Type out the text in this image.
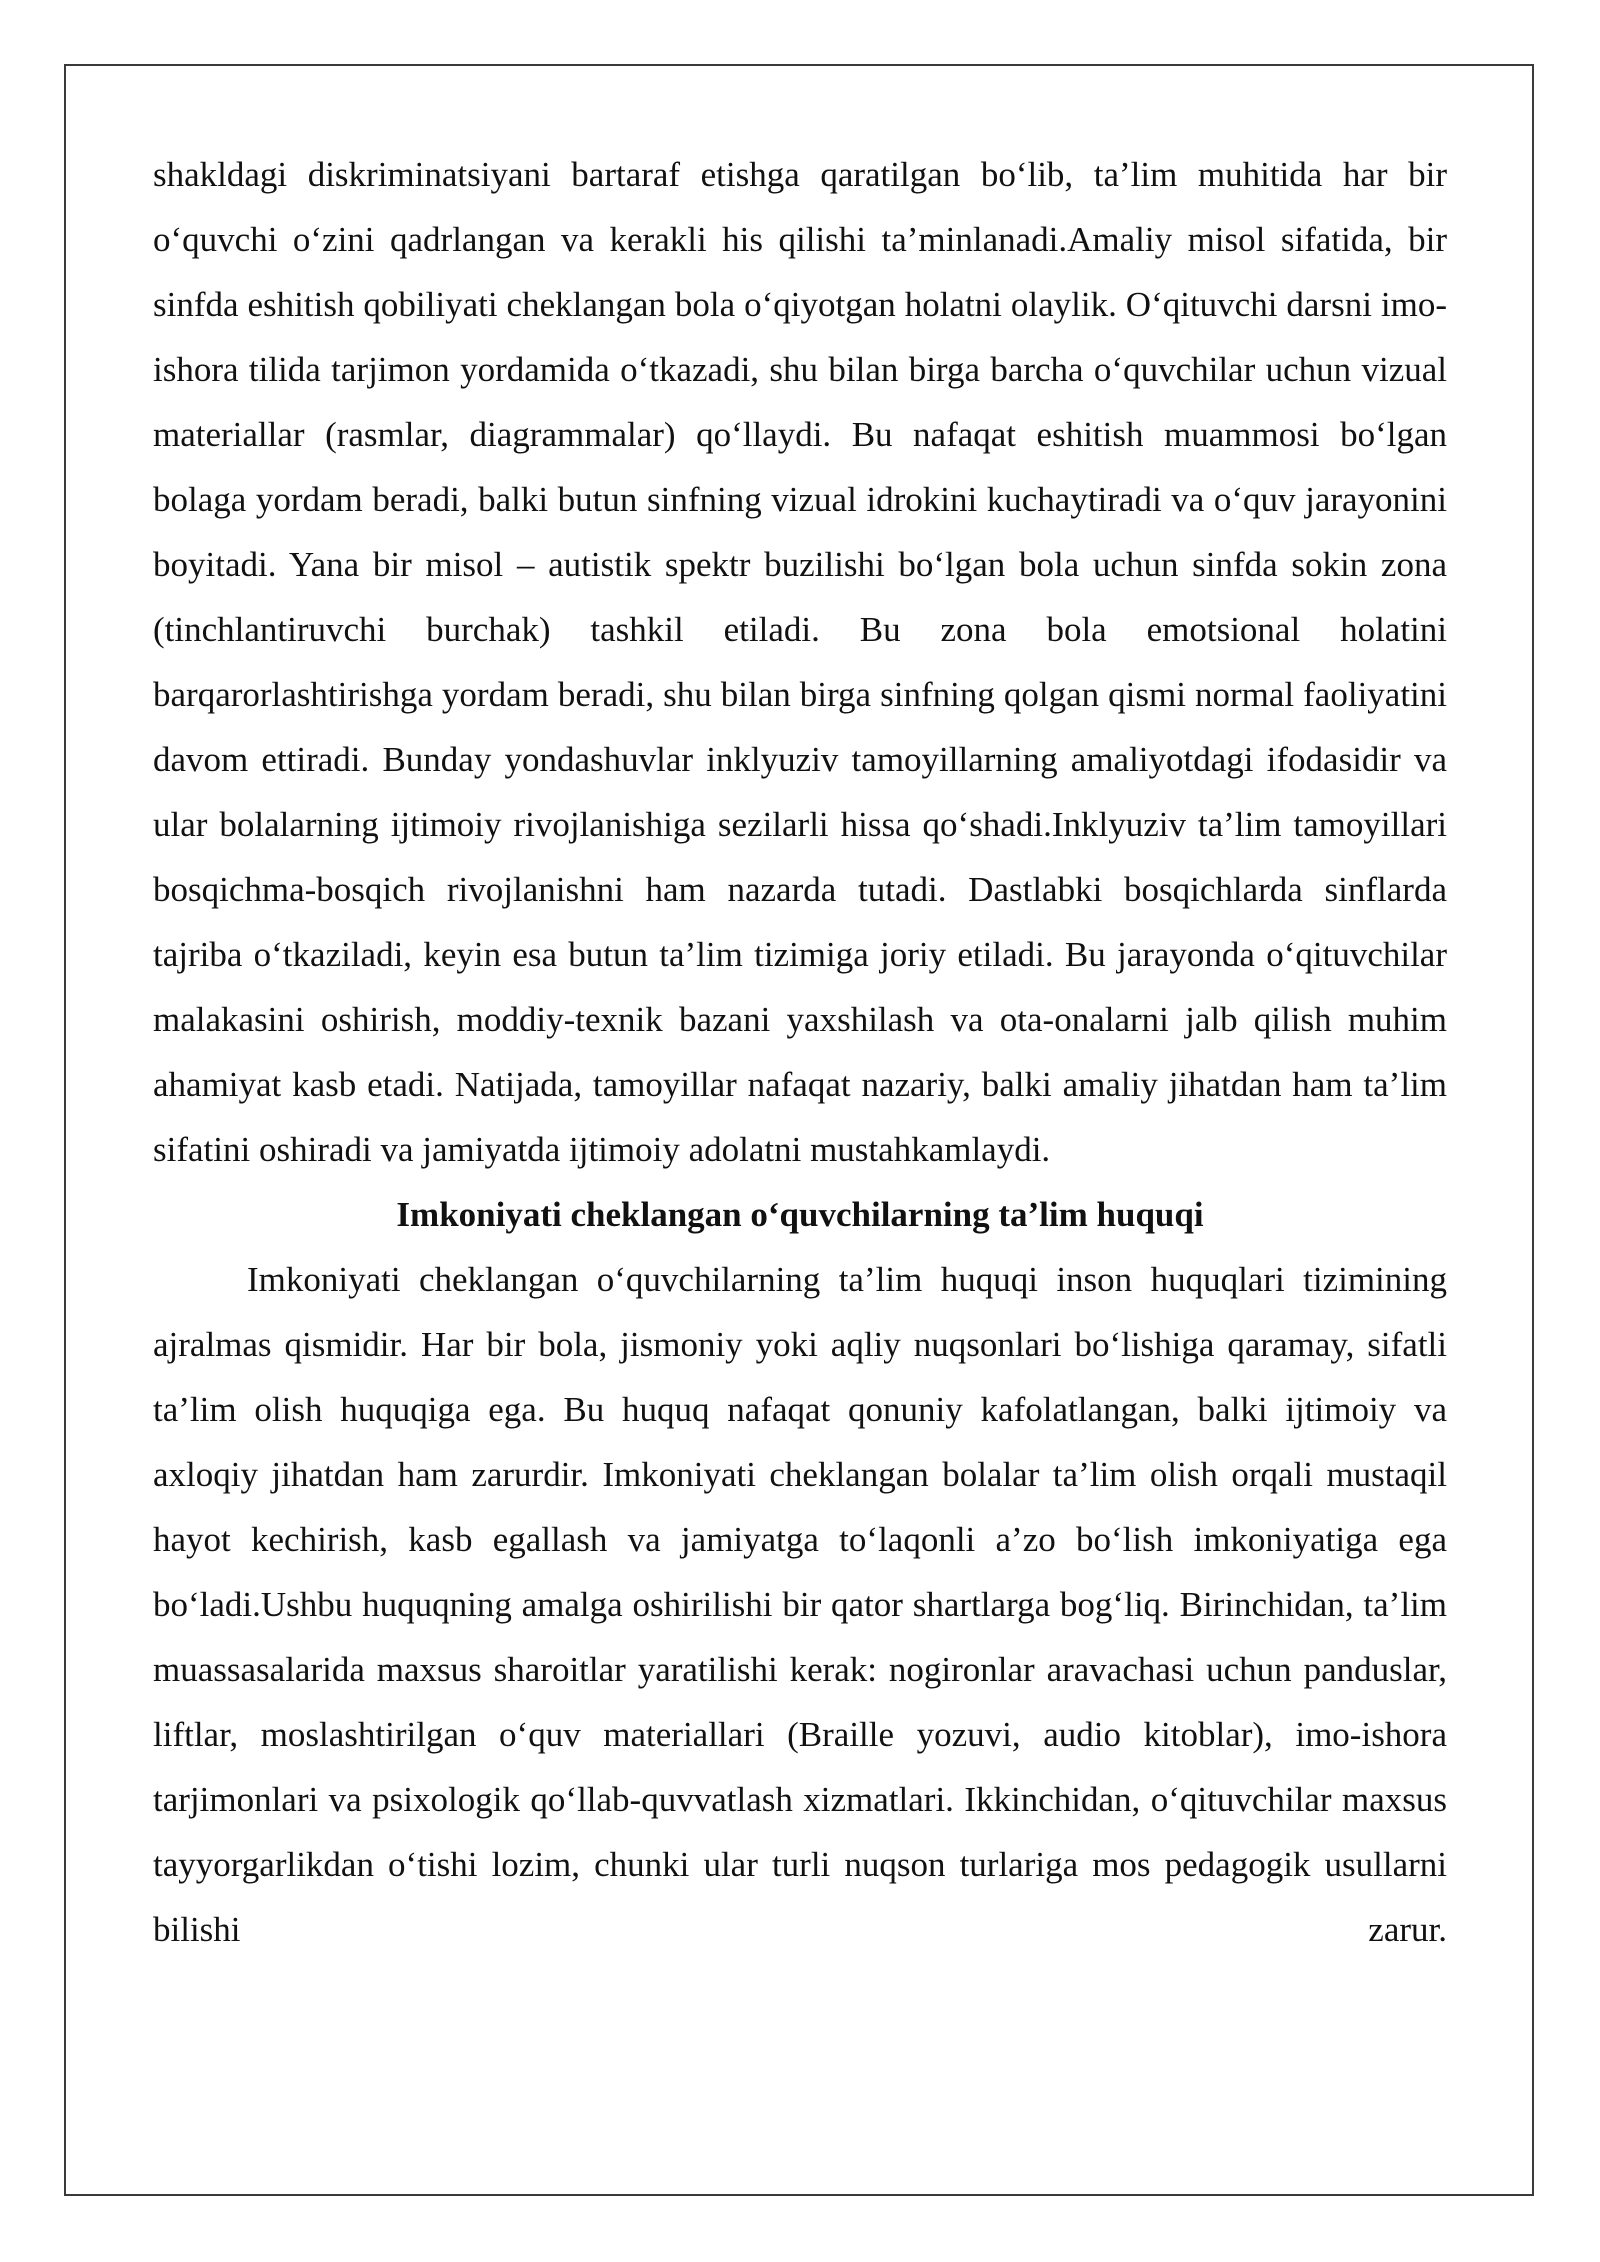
shakldagi diskriminatsiyani bartaraf etishga qaratilgan bo‘lib, ta’lim muhitida har bir o‘quvchi o‘zini qadrlangan va kerakli his qilishi ta’minlanadi.Amaliy misol sifatida, bir sinfda eshitish qobiliyati cheklangan bola o‘qiyotgan holatni olaylik. O‘qituvchi darsni imo-ishora tilida tarjimon yordamida o‘tkazadi, shu bilan birga barcha o‘quvchilar uchun vizual materiallar (rasmlar, diagrammalar) qo‘llaydi. Bu nafaqat eshitish muammosi bo‘lgan bolaga yordam beradi, balki butun sinfning vizual idrokini kuchaytiradi va o‘quv jarayonini boyitadi. Yana bir misol – autistik spektr buzilishi bo‘lgan bola uchun sinfda sokin zona (tinchlantiruvchi burchak) tashkil etiladi. Bu zona bola emotsional holatini barqarorlashtirishga yordam beradi, shu bilan birga sinfning qolgan qismi normal faoliyatini davom ettiradi. Bunday yondashuvlar inklyuziv tamoyillarning amaliyotdagi ifodasidir va ular bolalarning ijtimoiy rivojlanishiga sezilarli hissa qo‘shadi.Inklyuziv ta’lim tamoyillari bosqichma-bosqich rivojlanishni ham nazarda tutadi. Dastlabki bosqichlarda sinflarda tajriba o‘tkaziladi, keyin esa butun ta’lim tizimiga joriy etiladi. Bu jarayonda o‘qituvchilar malakasini oshirish, moddiy-texnik bazani yaxshilash va ota-onalarni jalb qilish muhim ahamiyat kasb etadi. Natijada, tamoyillar nafaqat nazariy, balki amaliy jihatdan ham ta’lim sifatini oshiradi va jamiyatda ijtimoiy adolatni mustahkamlaydi.

Imkoniyati cheklangan o‘quvchilarning ta’lim huquqi

Imkoniyati cheklangan o‘quvchilarning ta’lim huquqi inson huquqlari tizimining ajralmas qismidir. Har bir bola, jismoniy yoki aqliy nuqsonlari bo‘lishiga qaramay, sifatli ta’lim olish huquqiga ega. Bu huquq nafaqat qonuniy kafolatlangan, balki ijtimoiy va axloqiy jihatdan ham zarurdir. Imkoniyati cheklangan bolalar ta’lim olish orqali mustaqil hayot kechirish, kasb egallash va jamiyatga to‘laqonli a’zo bo‘lish imkoniyatiga ega bo‘ladi.Ushbu huquqning amalga oshirilishi bir qator shartlarga bog‘liq. Birinchidan, ta’lim muassasalarida maxsus sharoitlar yaratilishi kerak: nogironlar aravachasi uchun panduslar, liftlar, moslashtirilgan o‘quv materiallari (Braille yozuvi, audio kitoblar), imo-ishora tarjimonlari va psixologik qo‘llab-quvvatlash xizmatlari. Ikkinchidan, o‘qituvchilar maxsus tayyorgarlikdan o‘tishi lozim, chunki ular turli nuqson turlariga mos pedagogik usullarni bilishi zarur.
